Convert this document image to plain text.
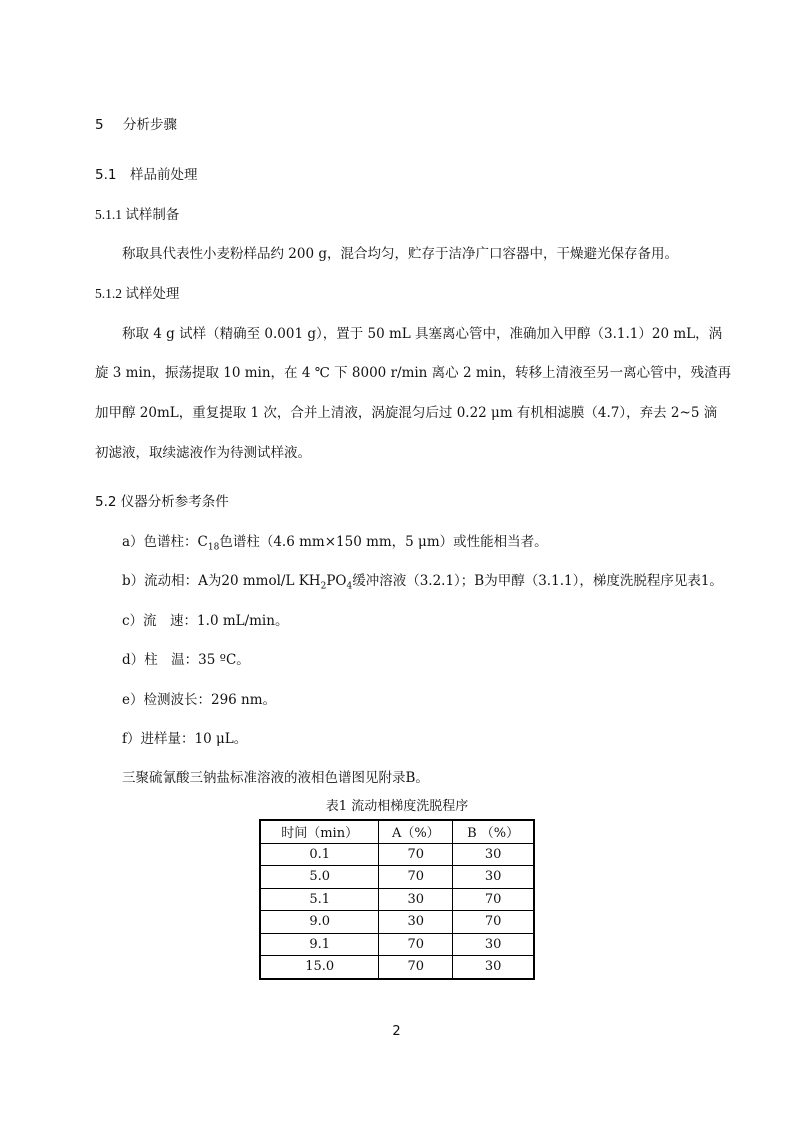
5 分析步骤
5.1 样品前处理
5.1.1 试样制备
称取具代表性小麦粉样品约 200 g，混合均匀，贮存于洁净广口容器中，干燥避光保存备用。
5.1.2 试样处理
称取 4 g 试样（精确至 0.001 g），置于 50 mL 具塞离心管中，准确加入甲醇（3.1.1）20 mL，涡
旋 3 min，振荡提取 10 min，在 4 ℃ 下 8000 r/min 离心 2 min，转移上清液至另一离心管中，残渣再
加甲醇 20mL，重复提取 1 次，合并上清液，涡旋混匀后过 0.22 μm 有机相滤膜（4.7），弃去 2~5 滴
初滤液，取续滤液作为待测试样液。
5.2 仪器分析参考条件
a）色谱柱：$C_{18}$色谱柱（4.6 mm×150 mm，5 μm）或性能相当者。
b）流动相：A为20 mmol/L $KH_2PO_4$缓冲溶液（3.2.1）；B为甲醇（3.1.1），梯度洗脱程序见表1。
c）流　速：1.0 mL/min。
d）柱　温：35 ºC。
e）检测波长：296 nm。
f）进样量：10 μL。
三聚硫氰酸三钠盐标准溶液的液相色谱图见附录B。
表1 流动相梯度洗脱程序
时间（min）	A（%）	B （%）
0.1	70	30
5.0	70	30
5.1	30	70
9.0	30	70
9.1	70	30
15.0	70	30
2
